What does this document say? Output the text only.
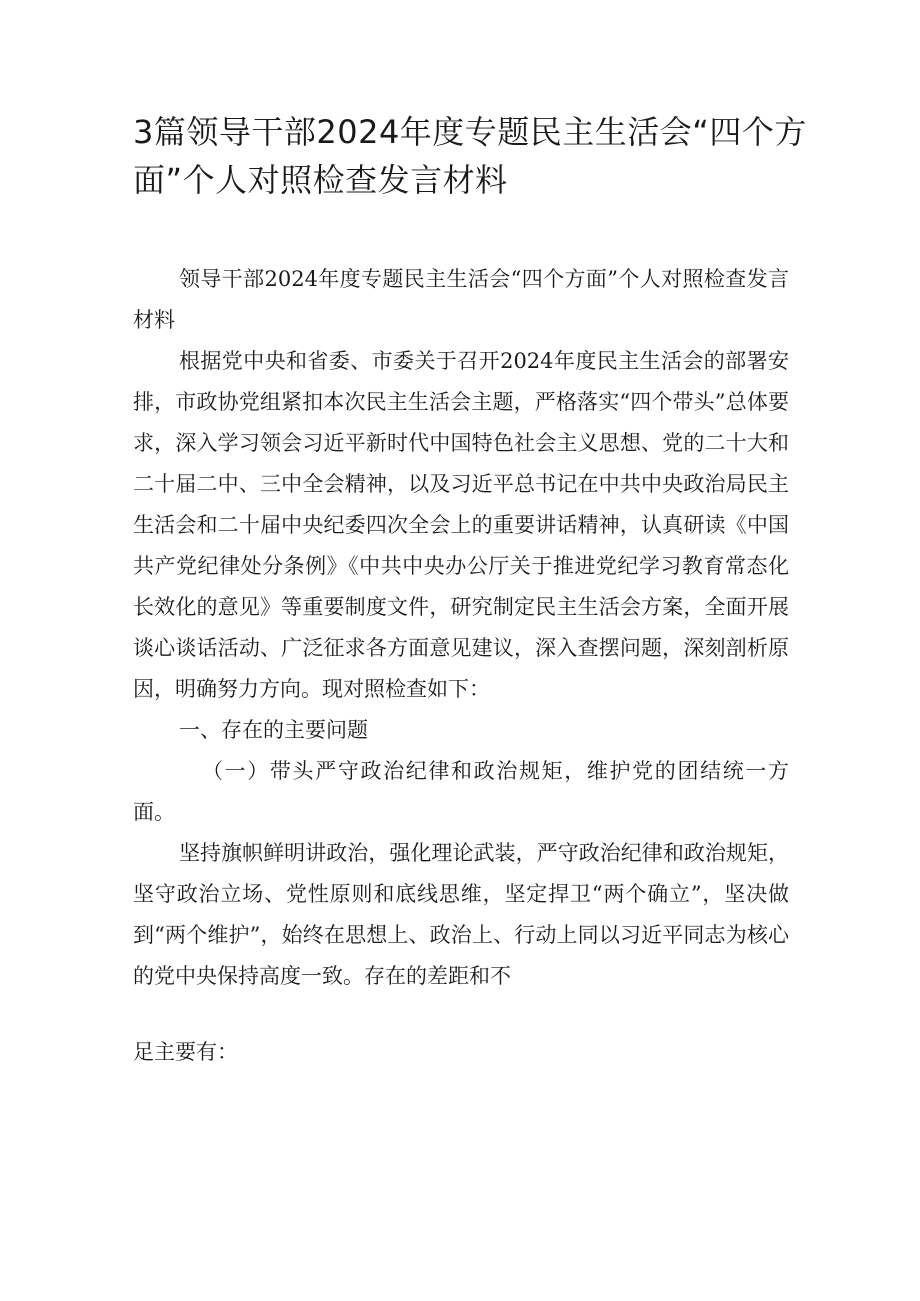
3篇领导干部2024年度专题民主生活会“四个方面”个人对照检查发言材料

领导干部2024年度专题民主生活会“四个方面”个人对照检查发言材料

根据党中央和省委、市委关于召开2024年度民主生活会的部署安排，市政协党组紧扣本次民主生活会主题，严格落实“四个带头”总体要求，深入学习领会习近平新时代中国特色社会主义思想、党的二十大和二十届二中、三中全会精神，以及习近平总书记在中共中央政治局民主生活会和二十届中央纪委四次全会上的重要讲话精神，认真研读《中国共产党纪律处分条例》《中共中央办公厅关于推进党纪学习教育常态化长效化的意见》等重要制度文件，研究制定民主生活会方案，全面开展谈心谈话活动、广泛征求各方面意见建议，深入查摆问题，深刻剖析原因，明确努力方向。现对照检查如下：

一、存在的主要问题

（一）带头严守政治纪律和政治规矩，维护党的团结统一方面。

坚持旗帜鲜明讲政治，强化理论武装，严守政治纪律和政治规矩，坚守政治立场、党性原则和底线思维，坚定捍卫“两个确立”，坚决做到“两个维护”，始终在思想上、政治上、行动上同以习近平同志为核心的党中央保持高度一致。存在的差距和不

足主要有：
